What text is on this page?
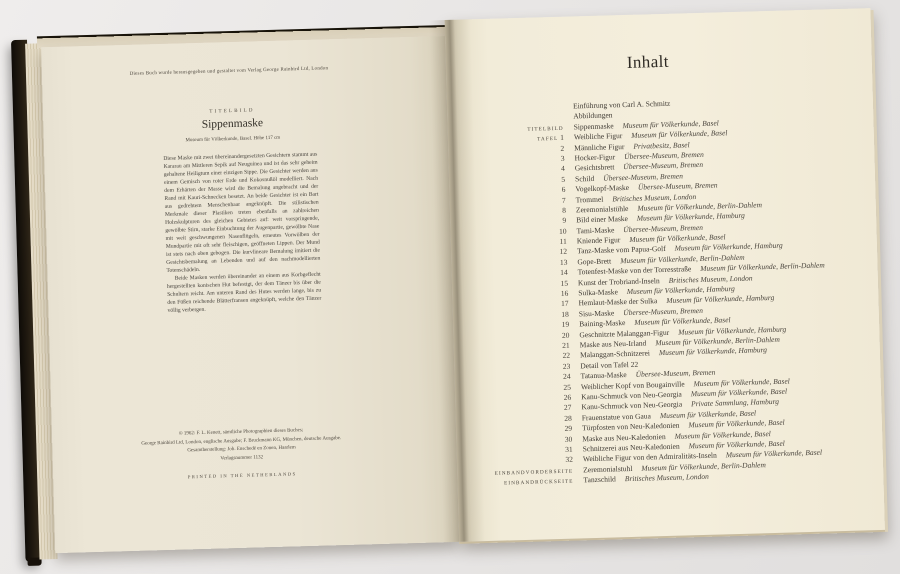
Dieses Buch wurde herausgegeben und gestaltet vom Verlag George Rainbird Ltd, London
TITELBILD
Sippenmaske
Museum für Völkerkunde, Basel. Höhe 117 cm

Diese Maske mit zwei übereinandergesetzten Gesichtern stammt aus Kararau am Mittleren Sepik auf Neuguinea und ist das sehr geheim gehaltene Heiligtum einer einzigen Sippe. Die Gesichter werden aus einem Gemisch von roter Erde und Kokosnußöl modelliert. Nach dem Erhärten der Masse wird die Bemalung angebracht und der Rand mit Kauri-Schnecken besetzt. An beide Gesichter ist ein Bart aus gedrehtem Menschenhaar angeknüpft. Die stilistischen Merkmale dieser Plastiken treten ebenfalls an zahlreichen Holzskulpturen des gleichen Gebietes auf: weit vorspringende, gewölbte Stirn, starke Einbuchtung der Augenpartie, gewölbte Nase mit weit geschwungenen Nasenflügeln, erneutes Vorwölben der Mundpartie mit oft sehr fleischigen, geöffneten Lippen. Der Mund ist stets nach oben gebogen. Die kurvlineare Bemalung imitiert die Gesichtsbemalung an Lebenden und auf den nachmodellierten Totenschädeln.

Beide Masken werden übereinander an einem aus Korbgeflecht hergestellten konischen Hut befestigt, der dem Tänzer bis über die Schultern reicht. Am unteren Rand des Hutes werden lange, bis zu den Füßen reichende Blätterfransen angeknüpft, welche den Tänzer völlig verbergen.

© 1962: F. L. Kenett, sämtliche Photographien dieses Buches;
George Rainbird Ltd, London, englische Ausgabe; F. Bruckmann KG, München, deutsche Ausgabe.
Gesamtherstellung: Joh. Enschedé en Zonen, Haarlem
Verlagsnummer 1132
PRINTED IN THE NETHERLANDS
Inhalt
Einführung von Carl A. Schmitz
Abbildungen
TITELBILD	Sippenmaske Museum für Völkerkunde, Basel
TAFEL 1	Weibliche Figur Museum für Völkerkunde, Basel
2	Männliche Figur Privatbesitz, Basel
3	Hocker-Figur Übersee-Museum, Bremen
4	Gesichtsbrett Übersee-Museum, Bremen
5	Schild Übersee-Museum, Bremen
6	Vogelkopf-Maske Übersee-Museum, Bremen
7	Trommel Britisches Museum, London
8	Zeremonialstühle Museum für Völkerkunde, Berlin-Dahlem
9	Bild einer Maske Museum für Völkerkunde, Hamburg
10	Tami-Maske Übersee-Museum, Bremen
11	Kniende Figur Museum für Völkerkunde, Basel
12	Tanz-Maske vom Papua-Golf Museum für Völkerkunde, Hamburg
13	Gope-Brett Museum für Völkerkunde, Berlin-Dahlem
14	Totenfest-Maske von der Torresstraße Museum für Völkerkunde, Berlin-Dahlem
15	Kunst der Trobriand-Inseln Britisches Museum, London
16	Sulka-Maske Museum für Völkerkunde, Hamburg
17	Hemlaut-Maske der Sulka Museum für Völkerkunde, Hamburg
18	Sisu-Maske Übersee-Museum, Bremen
19	Baining-Maske Museum für Völkerkunde, Basel
20	Geschnitzte Malanggan-Figur Museum für Völkerkunde, Hamburg
21	Maske aus Neu-Irland Museum für Völkerkunde, Berlin-Dahlem
22	Malanggan-Schnitzerei Museum für Völkerkunde, Hamburg
23	Detail von Tafel 22
24	Tatanua-Maske Übersee-Museum, Bremen
25	Weiblicher Kopf von Bougainville Museum für Völkerkunde, Basel
26	Kanu-Schmuck von Neu-Georgia Museum für Völkerkunde, Basel
27	Kanu-Schmuck von Neu-Georgia Private Sammlung, Hamburg
28	Frauenstatue von Gaua Museum für Völkerkunde, Basel
29	Türpfosten von Neu-Kaledonien Museum für Völkerkunde, Basel
30	Maske aus Neu-Kaledonien Museum für Völkerkunde, Basel
31	Schnitzerei aus Neu-Kaledonien Museum für Völkerkunde, Basel
32	Weibliche Figur von den Admiralitäts-Inseln Museum für Völkerkunde, Basel
EINBANDVORDERSEITE	Zeremonialstuhl Museum für Völkerkunde, Berlin-Dahlem
EINBANDRÜCKSEITE	Tanzschild Britisches Museum, London
